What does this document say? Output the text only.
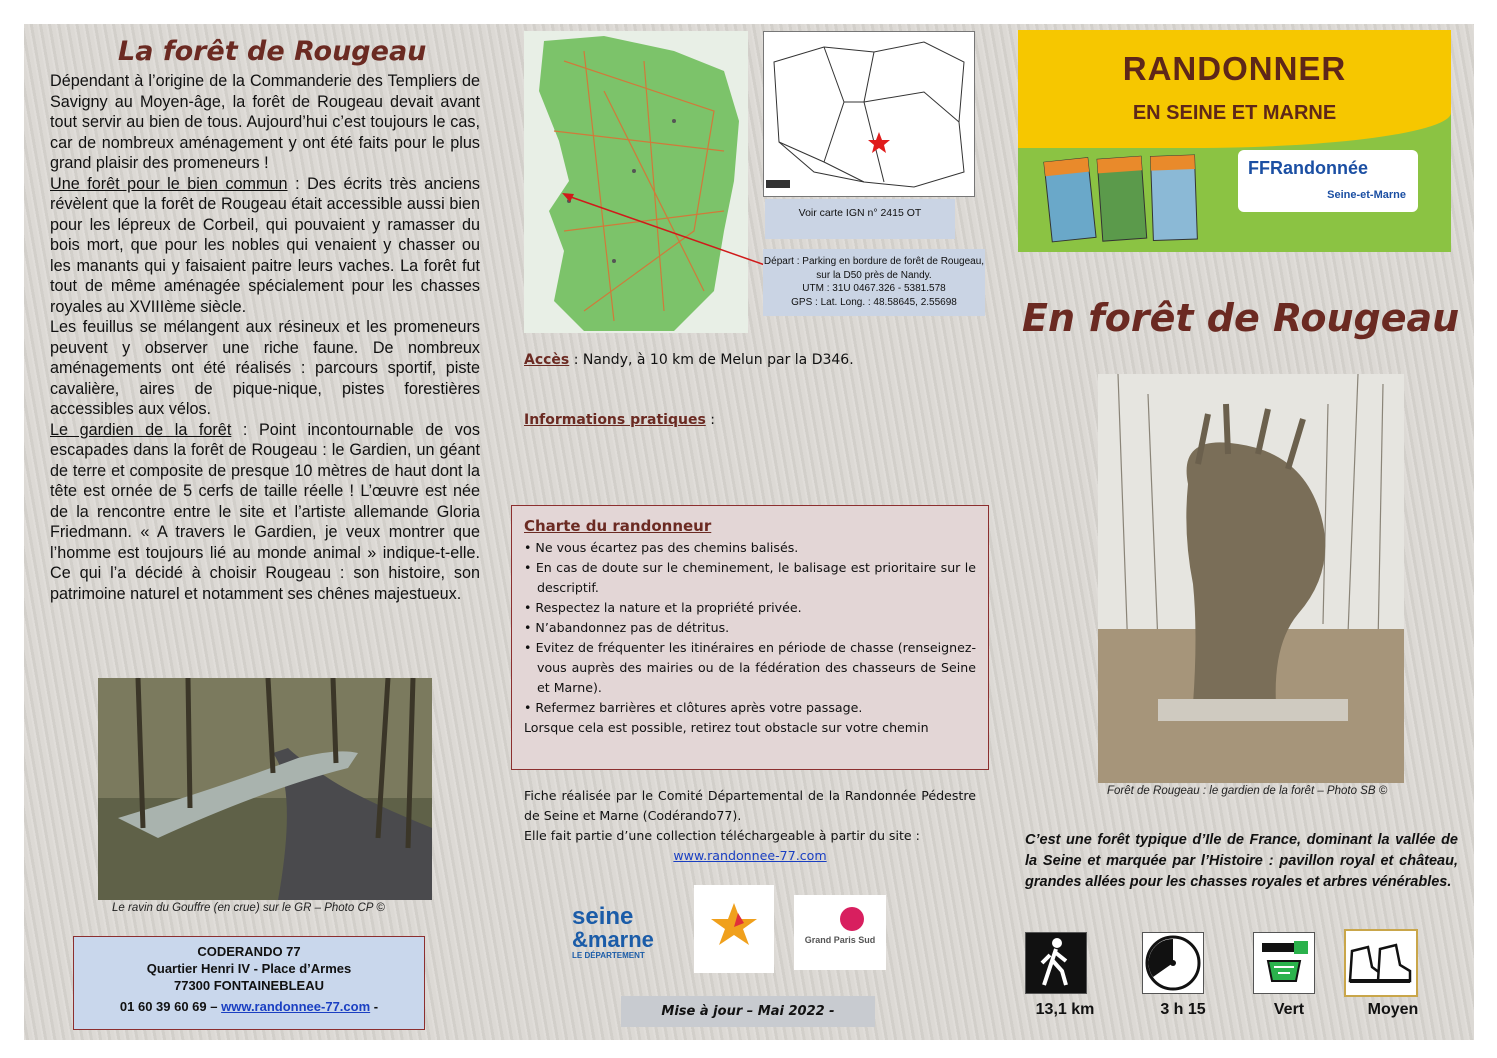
La forêt de Rougeau

Dépendant à l’origine de la Commanderie des Templiers de Savigny au Moyen-âge, la forêt de Rougeau devait avant tout servir au bien de tous. Aujourd’hui c’est toujours le cas, car de nombreux aménagement y ont été faits pour le plus grand plaisir des promeneurs !

Une forêt pour le bien commun : Des écrits très anciens révèlent que la forêt de Rougeau était accessible aussi bien pour les lépreux de Corbeil, qui pouvaient y ramasser du bois mort, que pour les nobles qui venaient y chasser ou les manants qui y faisaient paitre leurs vaches. La forêt fut tout de même aménagée spécialement pour les chasses royales au XVIIIème siècle.

Les feuillus se mélangent aux résineux et les promeneurs peuvent y observer une riche faune. De nombreux aménagements ont été réalisés : parcours sportif, piste cavalière, aires de pique-nique, pistes forestières accessibles aux vélos.

Le gardien de la forêt : Point incontournable de vos escapades dans la forêt de Rougeau : le Gardien, un géant de terre et composite de presque 10 mètres de haut dont la tête est ornée de 5 cerfs de taille réelle ! L’œuvre est née de la rencontre entre le site et l’artiste allemande Gloria Friedmann. « A travers le Gardien, je veux montrer que l’homme est toujours lié au monde animal » indique-t-elle. Ce qui l’a décidé à choisir Rougeau : son histoire, son patrimoine naturel et notamment ses chênes majestueux.

Le ravin du Gouffre (en crue) sur le GR – Photo CP ©
CODERANDO 77
Quartier Henri IV - Place d’Armes
77300 FONTAINEBLEAU
01 60 39 60 69 – www.randonnee-77.com -
Voir carte IGN n° 2415 OT
Départ : Parking en bordure de forêt de Rougeau, sur la D50 près de Nandy.
UTM : 31U 0467.326 - 5381.578
GPS : Lat. Long. : 48.58645, 2.55698
Accès : Nandy, à 10 km de Melun par la D346.
Informations pratiques :
Charte du randonneur
• Ne vous écartez pas des chemins balisés.
• En cas de doute sur le cheminement, le balisage est prioritaire sur le descriptif.
• Respectez la nature et la propriété privée.
• N’abandonnez pas de détritus.
• Evitez de fréquenter les itinéraires en période de chasse (renseignez-vous auprès des mairies ou de la fédération des chasseurs de Seine et Marne).
• Refermez barrières et clôtures après votre passage.
Lorsque cela est possible, retirez tout obstacle sur votre chemin
Fiche réalisée par le Comité Départemental de la Randonnée Pédestre de Seine et Marne (Codérando77).
Elle fait partie d’une collection téléchargeable à partir du site :
www.randonnee-77.com
seine
&marne
LE DÉPARTEMENT
Grand Paris Sud
Mise à jour – Mai 2022 -
RANDONNER
EN SEINE ET MARNE
FFRandonnée
Seine-et-Marne
En forêt de Rougeau
Forêt de Rougeau : le gardien de la forêt – Photo SB ©
C’est une forêt typique d’Ile de France, dominant la vallée de la Seine et marquée par l’Histoire : pavillon royal et château, grandes allées pour les chasses royales et arbres vénérables.
13,1 km	3 h 15	Vert	Moyen
